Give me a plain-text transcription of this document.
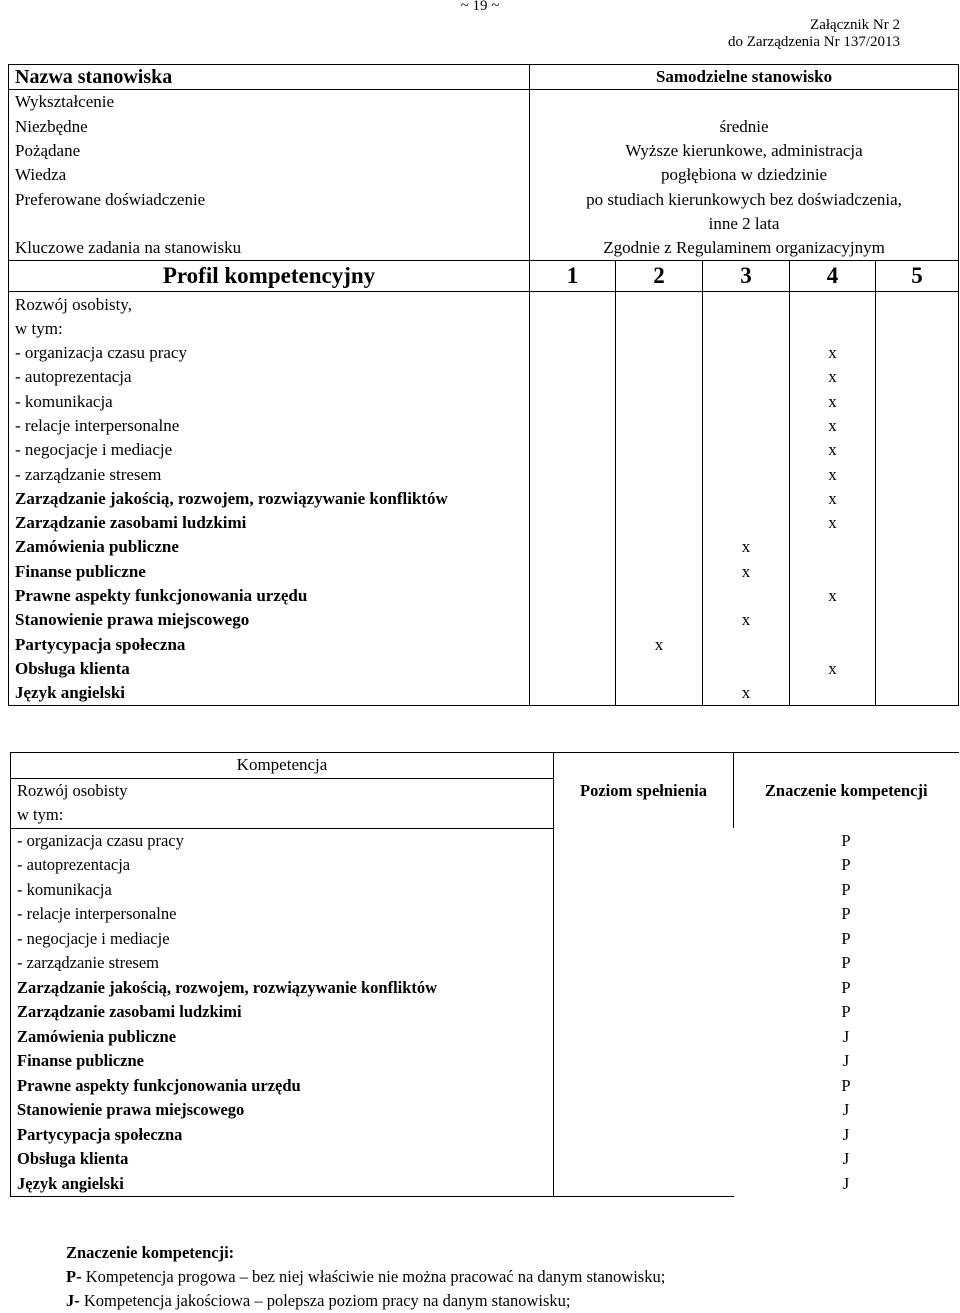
~ 19 ~
Załącznik Nr 2
do Zarządzenia Nr 137/2013
Nazwa stanowiska	Samodzielne stanowisko				
Wykształcenie					
Niezbędne	średnie				
Pożądane	Wyższe kierunkowe, administracja				
Wiedza	pogłębiona w dziedzinie				
Preferowane doświadczenie	po studiach kierunkowych bez doświadczenia,				
	inne 2 lata				
Kluczowe zadania na stanowisku	Zgodnie z Regulaminem organizacyjnym				
Profil kompetencyjny	1	2	3	4	5
Rozwój osobisty,					
w tym:					
- organizacja czasu pracy				x	
- autoprezentacja				x	
- komunikacja				x	
- relacje interpersonalne				x	
- negocjacje i mediacje				x	
- zarządzanie stresem				x	
Zarządzanie jakością, rozwojem, rozwiązywanie konfliktów				x	
Zarządzanie zasobami ludzkimi				x	
Zamówienia publiczne			x		
Finanse publiczne			x		
Prawne aspekty funkcjonowania urzędu				x	
Stanowienie prawa miejscowego			x		
Partycypacja społeczna		x			
Obsługa klienta				x	
Język angielski			x		
Kompetencja	Poziom spełnienia	Znaczenie kompetencji
Rozwój osobisty		
w tym:		
- organizacja czasu pracy		P
- autoprezentacja		P
- komunikacja		P
- relacje interpersonalne		P
- negocjacje i mediacje		P
- zarządzanie stresem		P
Zarządzanie jakością, rozwojem, rozwiązywanie konfliktów		P
Zarządzanie zasobami ludzkimi		P
Zamówienia publiczne		J
Finanse publiczne		J
Prawne aspekty funkcjonowania urzędu		P
Stanowienie prawa miejscowego		J
Partycypacja społeczna		J
Obsługa klienta		J
Język angielski		J
Znaczenie kompetencji:
P- Kompetencja progowa – bez niej właściwie nie można pracować na danym stanowisku;
J- Kompetencja jakościowa – polepsza poziom pracy na danym stanowisku;
